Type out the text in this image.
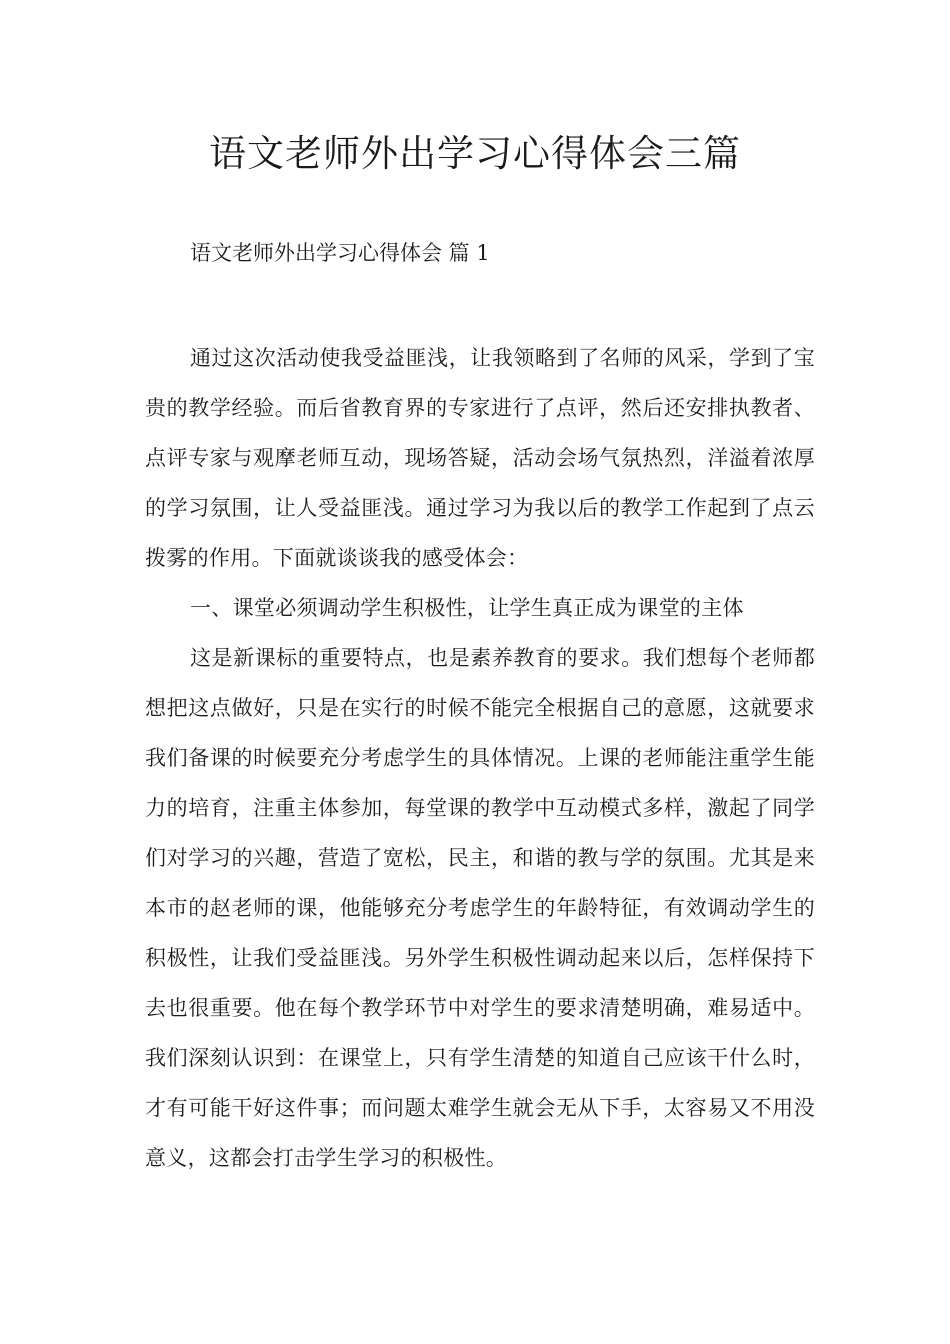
语文老师外出学习心得体会三篇

语文老师外出学习心得体会 篇 1

通过这次活动使我受益匪浅，让我领略到了名师的风采，学到了宝贵的教学经验。而后省教育界的专家进行了点评，然后还安排执教者、点评专家与观摩老师互动，现场答疑，活动会场气氛热烈，洋溢着浓厚的学习氛围，让人受益匪浅。通过学习为我以后的教学工作起到了点云拨雾的作用。下面就谈谈我的感受体会：

一、课堂必须调动学生积极性，让学生真正成为课堂的主体

这是新课标的重要特点，也是素养教育的要求。我们想每个老师都想把这点做好，只是在实行的时候不能完全根据自己的意愿，这就要求我们备课的时候要充分考虑学生的具体情况。上课的老师能注重学生能力的培育，注重主体参加，每堂课的教学中互动模式多样，激起了同学们对学习的兴趣，营造了宽松，民主，和谐的教与学的氛围。尤其是来本市的赵老师的课，他能够充分考虑学生的年龄特征，有效调动学生的积极性，让我们受益匪浅。另外学生积极性调动起来以后，怎样保持下去也很重要。他在每个教学环节中对学生的要求清楚明确，难易适中。我们深刻认识到：在课堂上，只有学生清楚的知道自己应该干什么时，才有可能干好这件事；而问题太难学生就会无从下手，太容易又不用没意义，这都会打击学生学习的积极性。
